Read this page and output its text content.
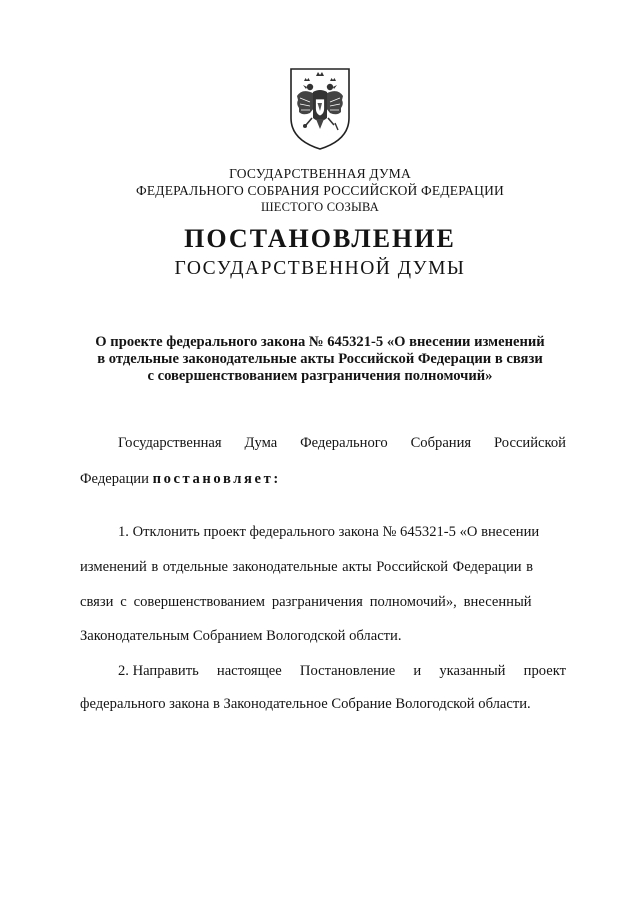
ГОСУДАРСТВЕННАЯ ДУМА
ФЕДЕРАЛЬНОГО СОБРАНИЯ РОССИЙСКОЙ ФЕДЕРАЦИИ
ШЕСТОГО СОЗЫВА
ПОСТАНОВЛЕНИЕ
ГОСУДАРСТВЕННОЙ ДУМЫ
О проекте федерального закона № 645321-5 «О внесении изменений
в отдельные законодательные акты Российской Федерации в связи
с совершенствованием разграничения полномочий»
Государственная Дума Федерального Собрания Российской
Федерации постановляет:
1. Отклонить проект федерального закона № 645321-5 «О внесении
изменений в отдельные законодательные акты Российской Федерации в
связи с совершенствованием разграничения полномочий», внесенный
Законодательным Собранием Вологодской области.
2. Направить настоящее Постановление и указанный проект
федерального закона в Законодательное Собрание Вологодской области.
